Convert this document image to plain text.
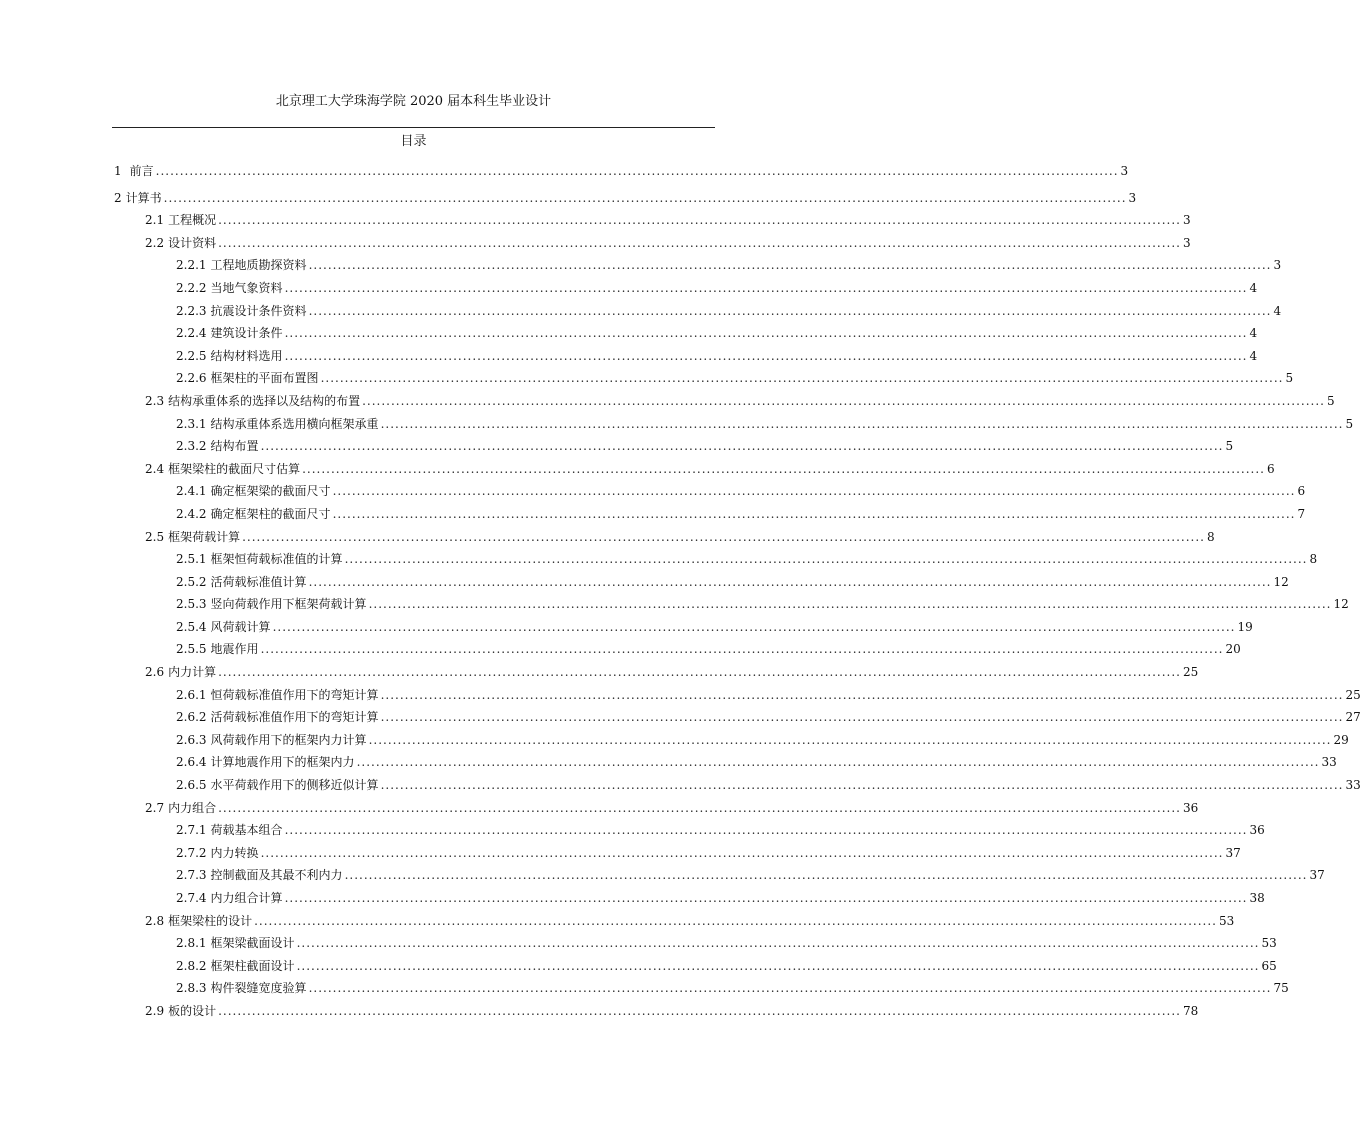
北京理工大学珠海学院 2020 届本科生毕业设计
目录
1 前言 ........................................................................................................................................................................................................ 3
2 计算书 ........................................................................................................................................................................................................ 3
2.1 工程概况 ........................................................................................................................................................................................................ 3
2.2 设计资料 ........................................................................................................................................................................................................ 3
2.2.1 工程地质勘探资料 ........................................................................................................................................................................................................ 3
2.2.2 当地气象资料 ........................................................................................................................................................................................................ 4
2.2.3 抗震设计条件资料 ........................................................................................................................................................................................................ 4
2.2.4 建筑设计条件 ........................................................................................................................................................................................................ 4
2.2.5 结构材料选用 ........................................................................................................................................................................................................ 4
2.2.6 框架柱的平面布置图 ........................................................................................................................................................................................................ 5
2.3 结构承重体系的选择以及结构的布置 ........................................................................................................................................................................................................ 5
2.3.1 结构承重体系选用横向框架承重 ........................................................................................................................................................................................................ 5
2.3.2 结构布置 ........................................................................................................................................................................................................ 5
2.4 框架梁柱的截面尺寸估算 ........................................................................................................................................................................................................ 6
2.4.1 确定框架梁的截面尺寸 ........................................................................................................................................................................................................ 6
2.4.2 确定框架柱的截面尺寸 ........................................................................................................................................................................................................ 7
2.5 框架荷载计算 ........................................................................................................................................................................................................ 8
2.5.1 框架恒荷载标准值的计算 ........................................................................................................................................................................................................ 8
2.5.2 活荷载标准值计算 ........................................................................................................................................................................................................ 12
2.5.3 竖向荷载作用下框架荷载计算 ........................................................................................................................................................................................................ 12
2.5.4 风荷载计算 ........................................................................................................................................................................................................ 19
2.5.5 地震作用 ........................................................................................................................................................................................................ 20
2.6 内力计算 ........................................................................................................................................................................................................ 25
2.6.1 恒荷载标准值作用下的弯矩计算 ........................................................................................................................................................................................................ 25
2.6.2 活荷载标准值作用下的弯矩计算 ........................................................................................................................................................................................................ 27
2.6.3 风荷载作用下的框架内力计算 ........................................................................................................................................................................................................ 29
2.6.4 计算地震作用下的框架内力 ........................................................................................................................................................................................................ 33
2.6.5 水平荷载作用下的侧移近似计算 ........................................................................................................................................................................................................ 33
2.7 内力组合 ........................................................................................................................................................................................................ 36
2.7.1 荷载基本组合 ........................................................................................................................................................................................................ 36
2.7.2 内力转换 ........................................................................................................................................................................................................ 37
2.7.3 控制截面及其最不利内力 ........................................................................................................................................................................................................ 37
2.7.4 内力组合计算 ........................................................................................................................................................................................................ 38
2.8 框架梁柱的设计 ........................................................................................................................................................................................................ 53
2.8.1 框架梁截面设计 ........................................................................................................................................................................................................ 53
2.8.2 框架柱截面设计 ........................................................................................................................................................................................................ 65
2.8.3 构件裂缝宽度验算 ........................................................................................................................................................................................................ 75
2.9 板的设计 ........................................................................................................................................................................................................ 78
